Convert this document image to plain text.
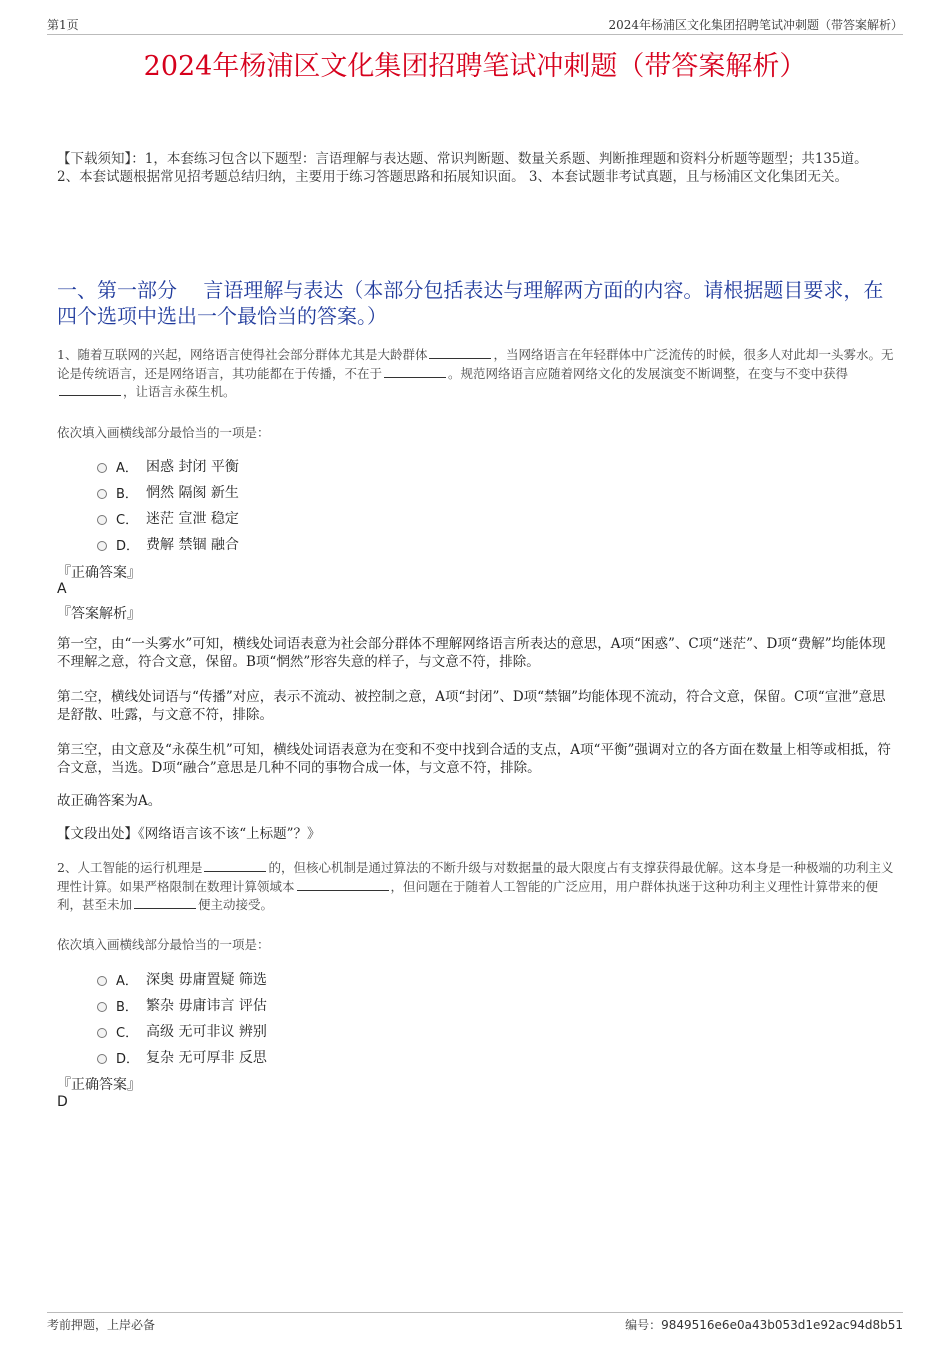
第1页	2024年杨浦区文化集团招聘笔试冲刺题（带答案解析）
2024年杨浦区文化集团招聘笔试冲刺题（带答案解析）
【下载须知】：1，本套练习包含以下题型：言语理解与表达题、常识判断题、数量关系题、判断推理题和资料分析题等题型；共135道。 2、本套试题根据常见招考题总结归纳，主要用于练习答题思路和拓展知识面。 3、本套试题非考试真题，且与杨浦区文化集团无关。
一、第一部分　 言语理解与表达（本部分包括表达与理解两方面的内容。请根据题目要求，在四个选项中选出一个最恰当的答案。）
1、随着互联网的兴起，网络语言使得社会部分群体尤其是大龄群体	，当网络语言在年轻群体中广泛流传的时候，很多人对此却一头雾水。无论是传统语言，还是网络语言，其功能都在于传播，不在于	。规范网络语言应随着网络文化的发展演变不断调整，在变与不变中获得，让语言永葆生机。
依次填入画横线部分最恰当的一项是：
A． 困惑 封闭 平衡
B． 惘然 隔阂 新生
C． 迷茫 宣泄 稳定
D． 费解 禁锢 融合
『正确答案』
A
『答案解析』
第一空，由“一头雾水”可知，横线处词语表意为社会部分群体不理解网络语言所表达的意思，A项“困惑”、C项“迷茫”、D项“费解”均能体现不理解之意，符合文意，保留。B项“惘然”形容失意的样子，与文意不符，排除。
第二空，横线处词语与“传播”对应，表示不流动、被控制之意，A项“封闭”、D项“禁锢”均能体现不流动，符合文意，保留。C项“宣泄”意思是舒散、吐露，与文意不符，排除。
第三空，由文意及“永葆生机”可知，横线处词语表意为在变和不变中找到合适的支点，A项“平衡”强调对立的各方面在数量上相等或相抵，符合文意，当选。D项“融合”意思是几种不同的事物合成一体，与文意不符，排除。
故正确答案为A。
【文段出处】《网络语言该不该“上标题”？》
2、人工智能的运行机理是	的，但核心机制是通过算法的不断升级与对数据量的最大限度占有支撑获得最优解。这本身是一种极端的功利主义理性计算。如果严格限制在数理计算领域本	，但问题在于随着人工智能的广泛应用，用户群体执迷于这种功利主义理性计算带来的便利，甚至未加	便主动接受。
依次填入画横线部分最恰当的一项是：
A． 深奥 毋庸置疑 筛选
B． 繁杂 毋庸讳言 评估
C． 高级 无可非议 辨别
D． 复杂 无可厚非 反思
『正确答案』
D
考前押题，上岸必备	编号：9849516e6e0a43b053d1e92ac94d8b51
